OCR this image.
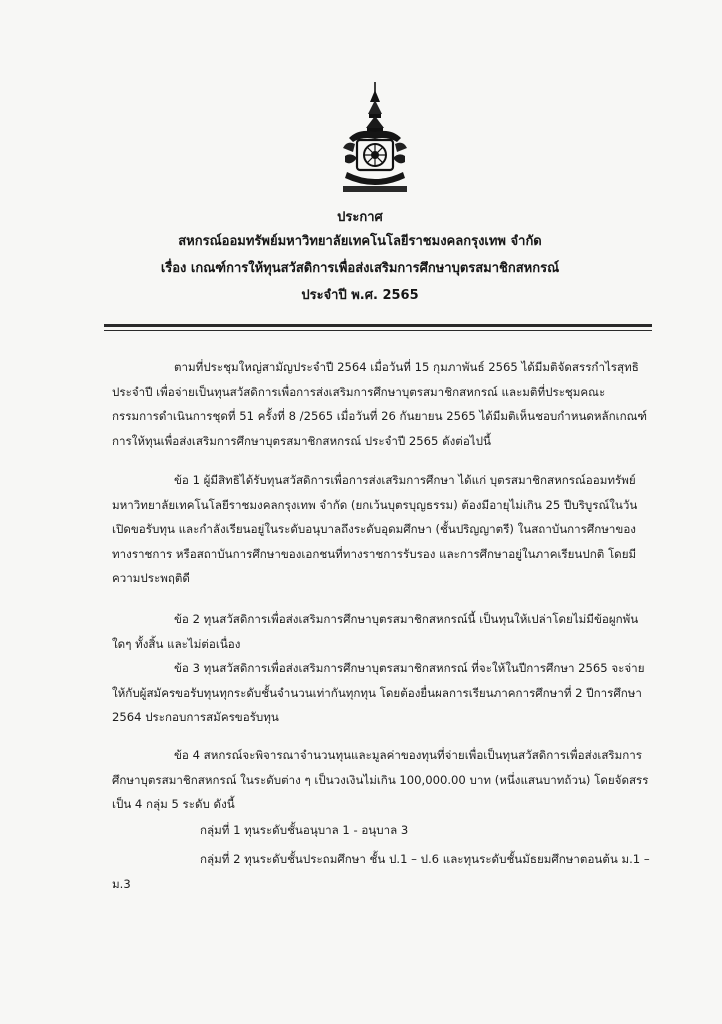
ประกาศ
สหกรณ์ออมทรัพย์มหาวิทยาลัยเทคโนโลยีราชมงคลกรุงเทพ จำกัด
เรื่อง เกณฑ์การให้ทุนสวัสดิการเพื่อส่งเสริมการศึกษาบุตรสมาชิกสหกรณ์
ประจำปี พ.ศ. 2565

ตามที่ประชุมใหญ่สามัญประจำปี 2564 เมื่อวันที่ 15 กุมภาพันธ์ 2565 ได้มีมติจัดสรรกำไรสุทธิประจำปี เพื่อจ่ายเป็นทุนสวัสดิการเพื่อการส่งเสริมการศึกษาบุตรสมาชิกสหกรณ์ และมติที่ประชุมคณะกรรมการดำเนินการชุดที่ 51 ครั้งที่ 8 /2565 เมื่อวันที่ 26 กันยายน 2565 ได้มีมติเห็นชอบกำหนดหลักเกณฑ์การให้ทุนเพื่อส่งเสริมการศึกษาบุตรสมาชิกสหกรณ์ ประจำปี 2565 ดังต่อไปนี้

ข้อ 1 ผู้มีสิทธิได้รับทุนสวัสดิการเพื่อการส่งเสริมการศึกษา ได้แก่ บุตรสมาชิกสหกรณ์ออมทรัพย์มหาวิทยาลัยเทคโนโลยีราชมงคลกรุงเทพ จำกัด (ยกเว้นบุตรบุญธรรม) ต้องมีอายุไม่เกิน 25 ปีบริบูรณ์ในวันเปิดขอรับทุน และกำลังเรียนอยู่ในระดับอนุบาลถึงระดับอุดมศึกษา (ชั้นปริญญาตรี) ในสถาบันการศึกษาของทางราชการ หรือสถาบันการศึกษาของเอกชนที่ทางราชการรับรอง และการศึกษาอยู่ในภาคเรียนปกติ โดยมีความประพฤติดี

ข้อ 2 ทุนสวัสดิการเพื่อส่งเสริมการศึกษาบุตรสมาชิกสหกรณ์นี้ เป็นทุนให้เปล่าโดยไม่มีข้อผูกพันใดๆ ทั้งสิ้น และไม่ต่อเนื่อง

ข้อ 3 ทุนสวัสดิการเพื่อส่งเสริมการศึกษาบุตรสมาชิกสหกรณ์ ที่จะให้ในปีการศึกษา 2565 จะจ่ายให้กับผู้สมัครขอรับทุนทุกระดับชั้นจำนวนเท่ากันทุกทุน โดยต้องยื่นผลการเรียนภาคการศึกษาที่ 2 ปีการศึกษา 2564 ประกอบการสมัครขอรับทุน

ข้อ 4 สหกรณ์จะพิจารณาจำนวนทุนและมูลค่าของทุนที่จ่ายเพื่อเป็นทุนสวัสดิการเพื่อส่งเสริมการศึกษาบุตรสมาชิกสหกรณ์ ในระดับต่าง ๆ เป็นวงเงินไม่เกิน 100,000.00 บาท (หนึ่งแสนบาทถ้วน) โดยจัดสรรเป็น 4 กลุ่ม 5 ระดับ ดังนี้

กลุ่มที่ 1 ทุนระดับชั้นอนุบาล 1 - อนุบาล 3
กลุ่มที่ 2 ทุนระดับชั้นประถมศึกษา ชั้น ป.1 – ป.6 และทุนระดับชั้นมัธยมศึกษาตอนต้น ม.1 – ม.3
